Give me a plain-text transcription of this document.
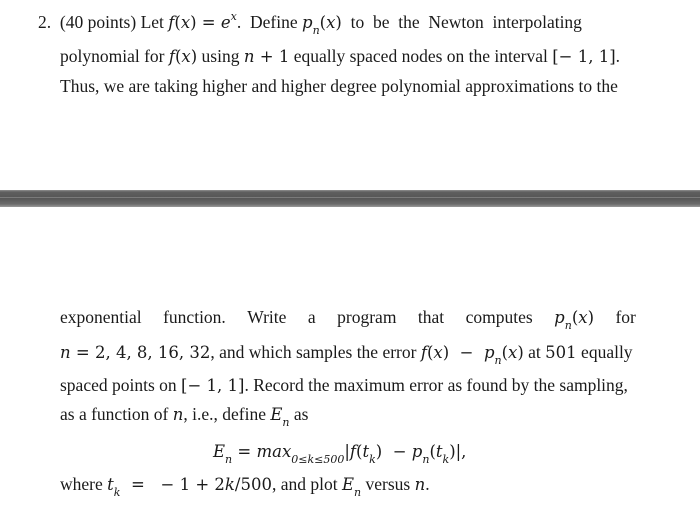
2.  (40 points) Let $f(x) = e^x$.  Define $p_n(x)$  to  be  the  Newton  interpolating
polynomial for f(x) using n + 1 equally spaced nodes on the interval [− 1, 1].
Thus, we are taking higher and higher degree polynomial approximations to the
exponential function. Write a program that computes $p_n(x)$ for
n = 2, 4, 8, 16, 32, and which samples the error $f(x) - p_n(x)$ at 501 equally
spaced points on [− 1, 1]. Record the maximum error as found by the sampling,
as a function of n, i.e., define $E_n$ as
$E_n = \max_{0\le k\le 500}|f(t_k) - p_n(t_k)|$,
where $t_k$  =   − 1 + 2k/500, and plot $E_n$ versus n.
